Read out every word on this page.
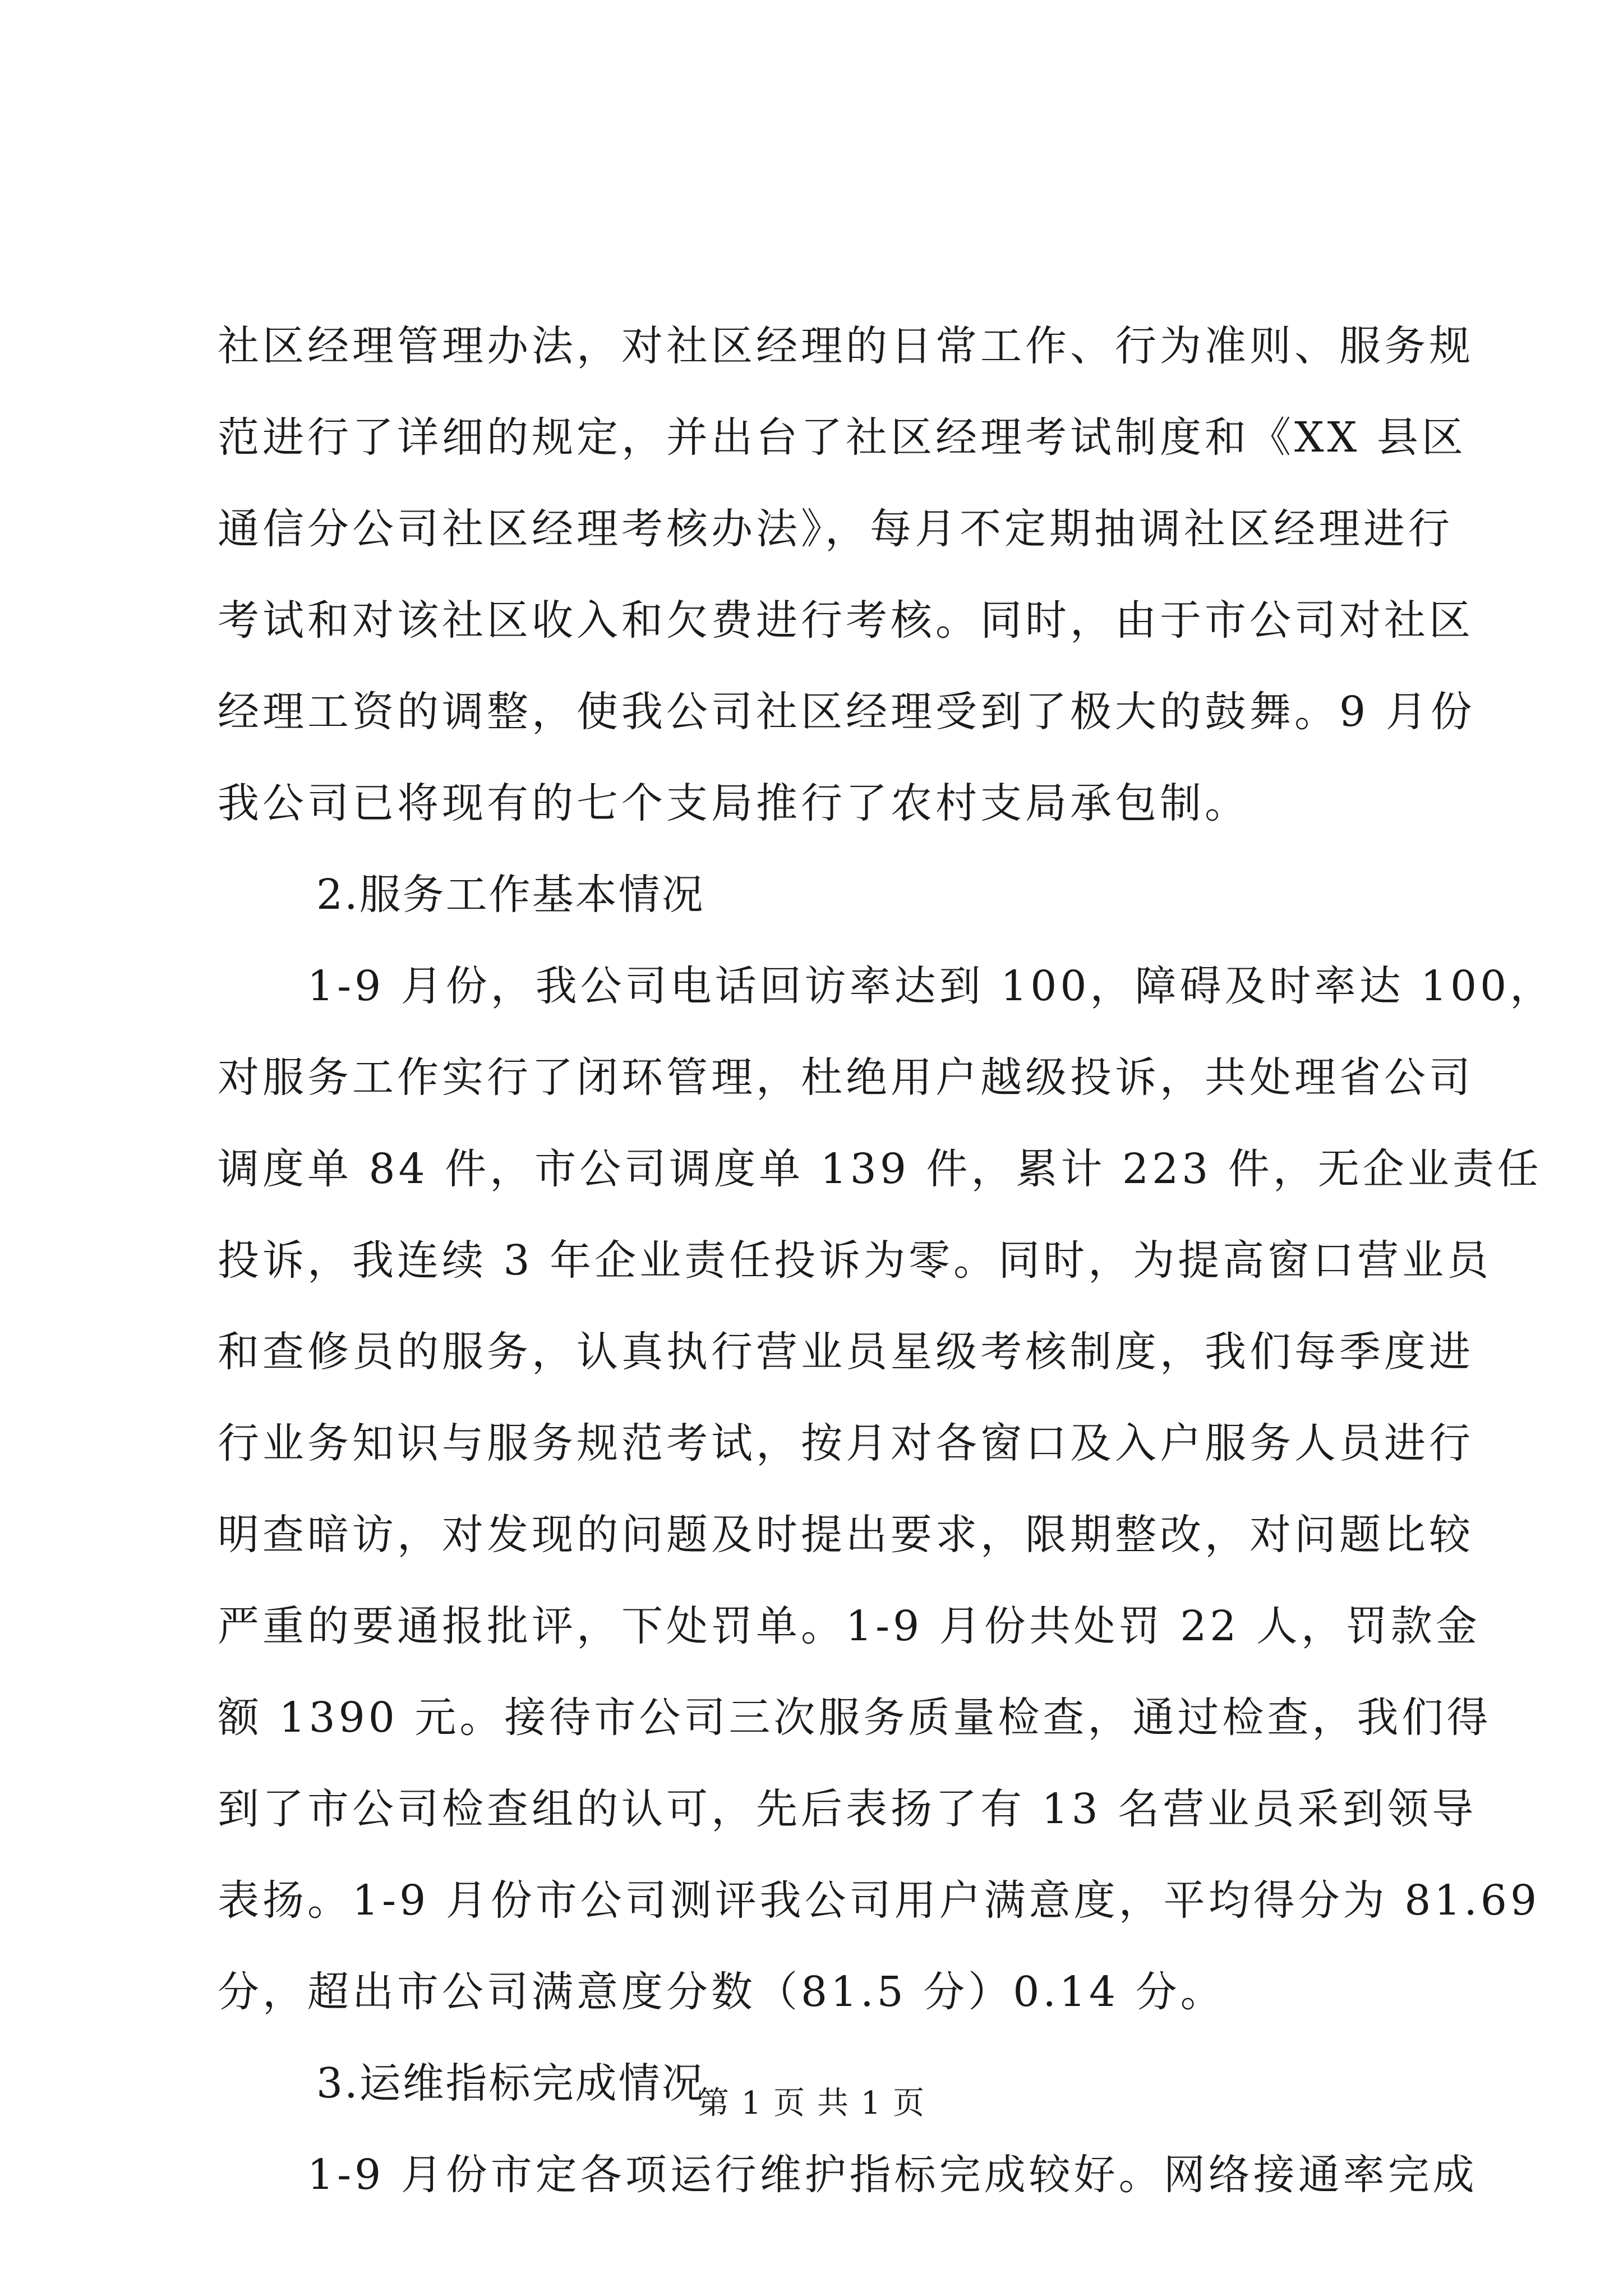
社区经理管理办法，对社区经理的日常工作、行为准则、服务规
范进行了详细的规定，并出台了社区经理考试制度和《XX 县区
通信分公司社区经理考核办法》，每月不定期抽调社区经理进行
考试和对该社区收入和欠费进行考核。同时，由于市公司对社区
经理工资的调整，使我公司社区经理受到了极大的鼓舞。9 月份
我公司已将现有的七个支局推行了农村支局承包制。
2.服务工作基本情况
1-9 月份，我公司电话回访率达到 100，障碍及时率达 100，
对服务工作实行了闭环管理，杜绝用户越级投诉，共处理省公司
调度单 84 件，市公司调度单 139 件，累计 223 件，无企业责任
投诉，我连续 3 年企业责任投诉为零。同时，为提高窗口营业员
和查修员的服务，认真执行营业员星级考核制度，我们每季度进
行业务知识与服务规范考试，按月对各窗口及入户服务人员进行
明查暗访，对发现的问题及时提出要求，限期整改，对问题比较
严重的要通报批评，下处罚单。1-9 月份共处罚 22 人，罚款金
额 1390 元。接待市公司三次服务质量检查，通过检查，我们得
到了市公司检查组的认可，先后表扬了有 13 名营业员采到领导
表扬。1-9 月份市公司测评我公司用户满意度，平均得分为 81.69
分，超出市公司满意度分数（81.5 分）0.14 分。
3.运维指标完成情况
1-9 月份市定各项运行维护指标完成较好。网络接通率完成
第 1 页 共 1 页
